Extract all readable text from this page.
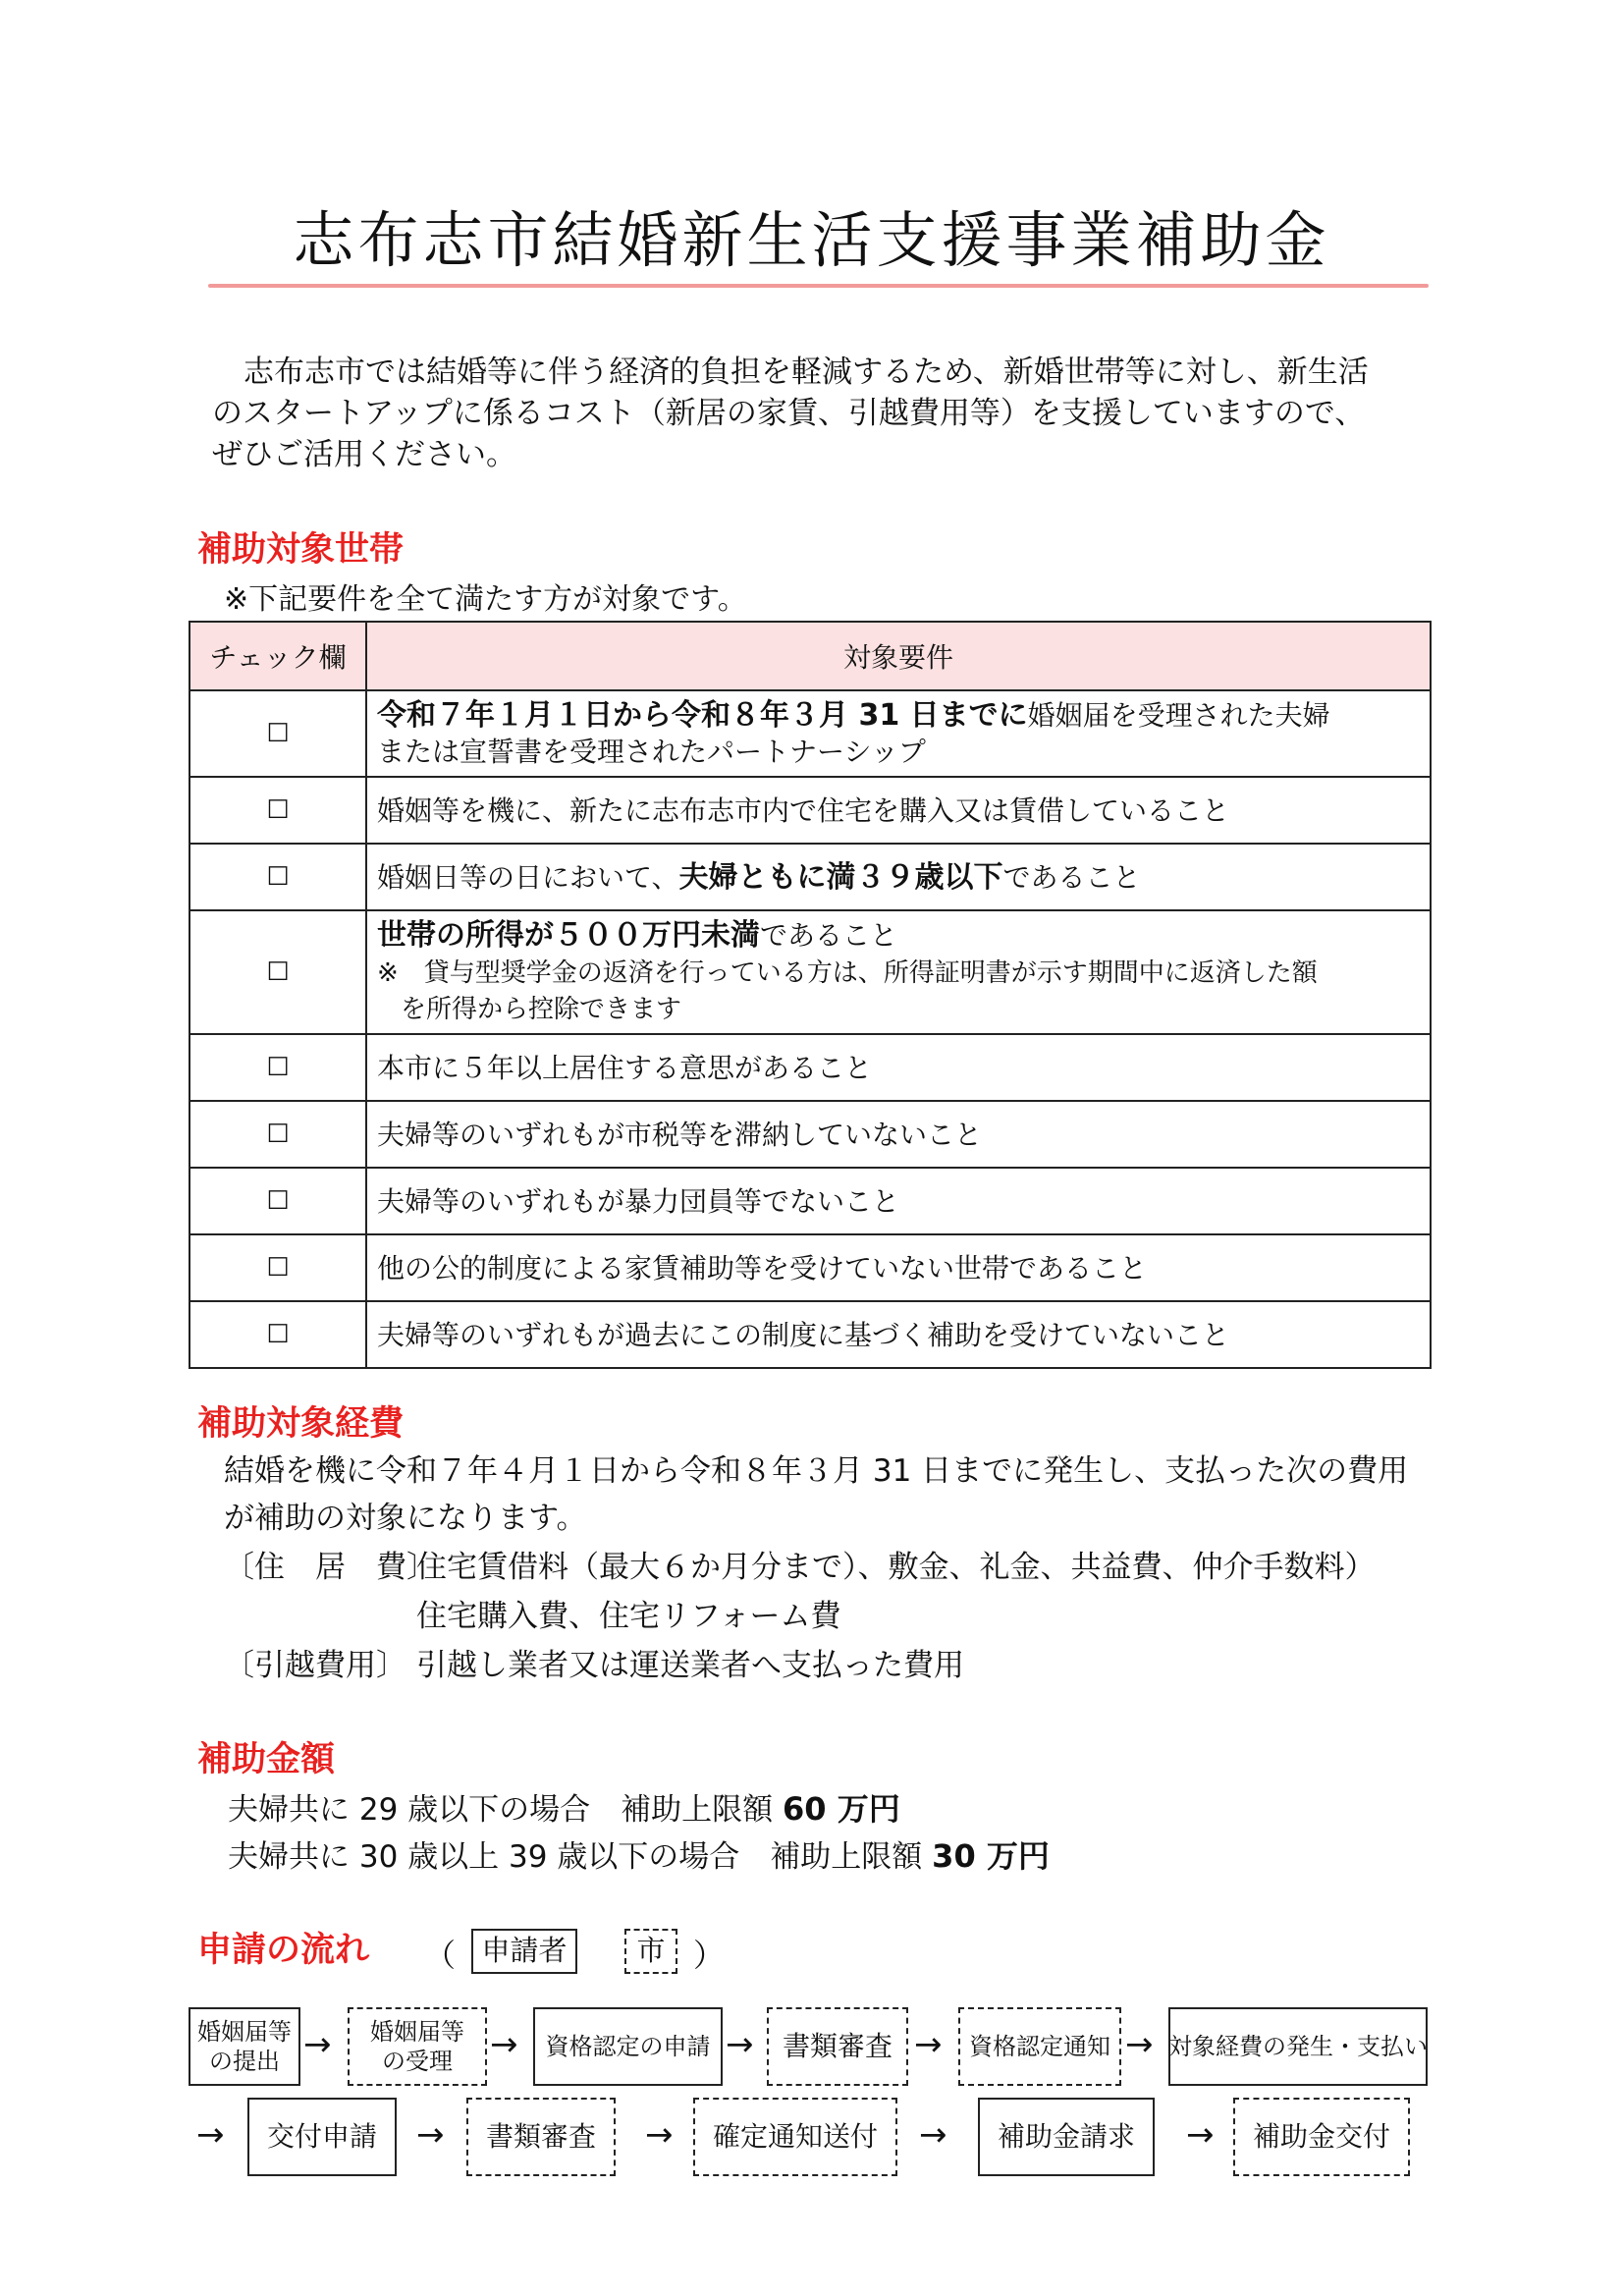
志布志市結婚新生活支援事業補助金

志布志市では結婚等に伴う経済的負担を軽減するため、新婚世帯等に対し、新生活

のスタートアップに係るコスト（新居の家賃、引越費用等）を支援していますので、

ぜひご活用ください。

補助対象世帯
※下記要件を全て満たす方が対象です。
チェック欄	対象要件
☐	令和７年１月１日から令和８年３月 31 日までに婚姻届を受理された夫婦
または宣誓書を受理されたパートナーシップ
☐	婚姻等を機に、新たに志布志市内で住宅を購入又は賃借していること
☐	婚姻日等の日において、夫婦ともに満３９歳以下であること
☐	世帯の所得が５００万円未満であること
※　貸与型奨学金の返済を行っている方は、所得証明書が示す期間中に返済した額

を所得から控除できます

☐	本市に５年以上居住する意思があること
☐	夫婦等のいずれもが市税等を滞納していないこと
☐	夫婦等のいずれもが暴力団員等でないこと
☐	他の公的制度による家賃補助等を受けていない世帯であること
☐	夫婦等のいずれもが過去にこの制度に基づく補助を受けていないこと
補助対象経費
結婚を機に令和７年４月１日から令和８年３月 31 日までに発生し、支払った次の費用
が補助の対象になります。
〔住　居　費〕
住宅賃借料（最大６か月分まで）、敷金、礼金、共益費、仲介手数料）
住宅購入費、住宅リフォーム費
〔引越費用〕 引越し業者又は運送業者へ支払った費用
補助金額
夫婦共に 29 歳以下の場合　補助上限額 60 万円
夫婦共に 30 歳以上 39 歳以下の場合　補助上限額 30 万円
申請の流れ （ 申請者	市 ）
婚姻届等
の提出 → 婚姻届等
の受理 →	資格認定の申請 →	書類審査 →	資格認定通知 → 対象経費の発生・支払い
→	交付申請	→	書類審査	→	確定通知送付	→	補助金請求	→	補助金交付
